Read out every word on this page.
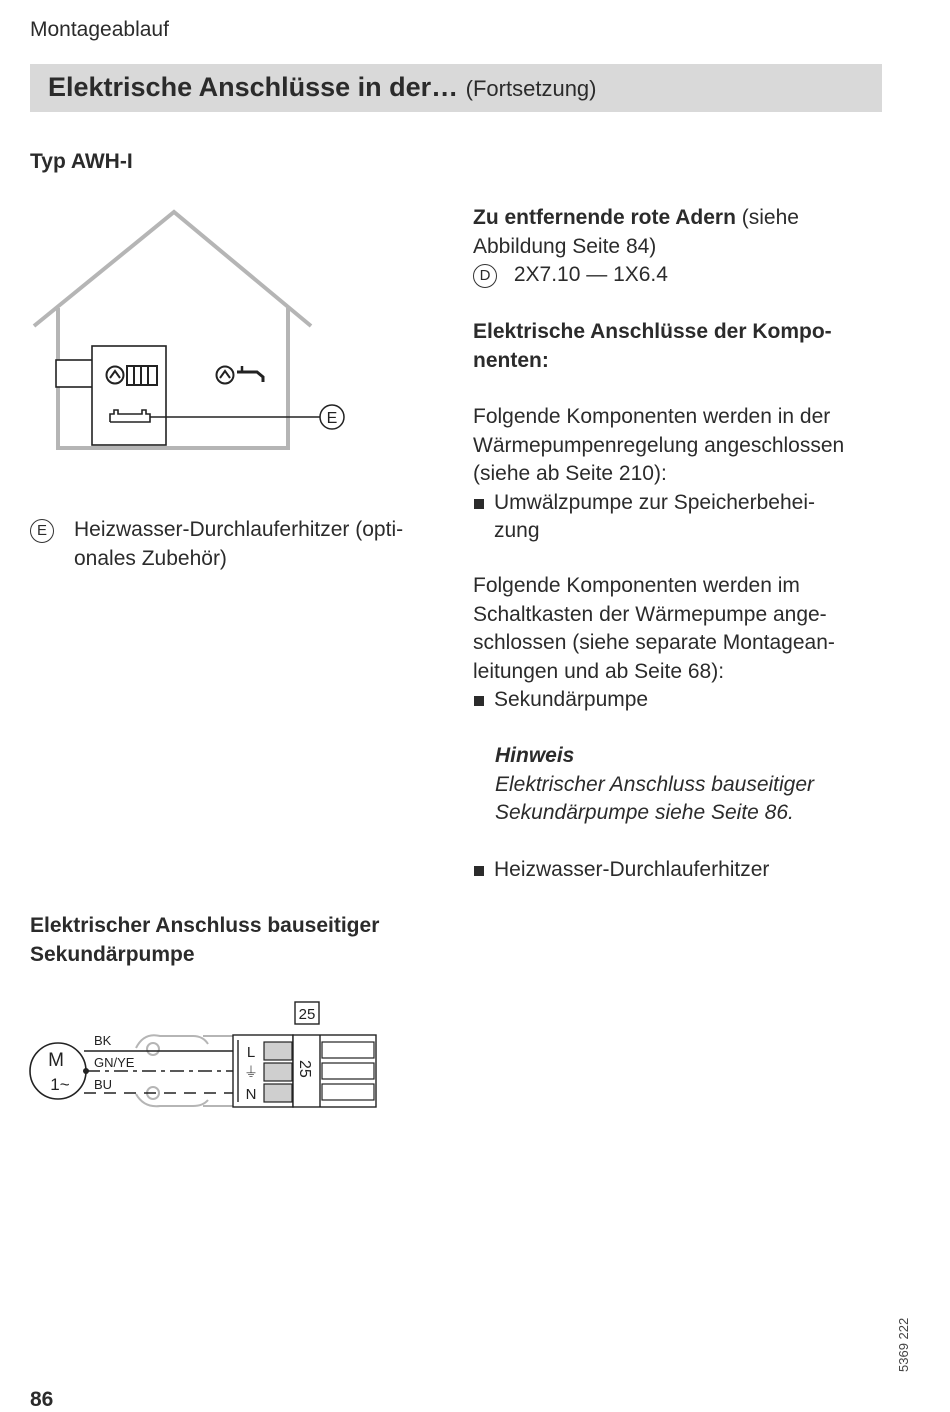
Montageablauf
Elektrische Anschlüsse in der… (Fortsetzung)
Typ AWH-I
E
E	Heizwasser-Durchlauferhitzer (opti-
onales Zubehör)
Elektrischer Anschluss bauseitiger
Sekundärpumpe
25
M
1~
BK
GN/YE
BU
L
⏚
N
25
Zu entfernende rote Adern (siehe
Abbildung Seite 84)
D 2X7.10 — 1X6.4
Elektrische Anschlüsse der Kompo-
nenten:
Folgende Komponenten werden in der
Wärmepumpenregelung angeschlossen
(siehe ab Seite 210):
Umwälzpumpe zur Speicherbehei-
zung
Folgende Komponenten werden im
Schaltkasten der Wärmepumpe ange-
schlossen (siehe separate Montagean-
leitungen und ab Seite 68):
Sekundärpumpe
Hinweis
Elektrischer Anschluss bauseitiger
Sekundärpumpe siehe Seite 86.
Heizwasser-Durchlauferhitzer
86
5369 222
